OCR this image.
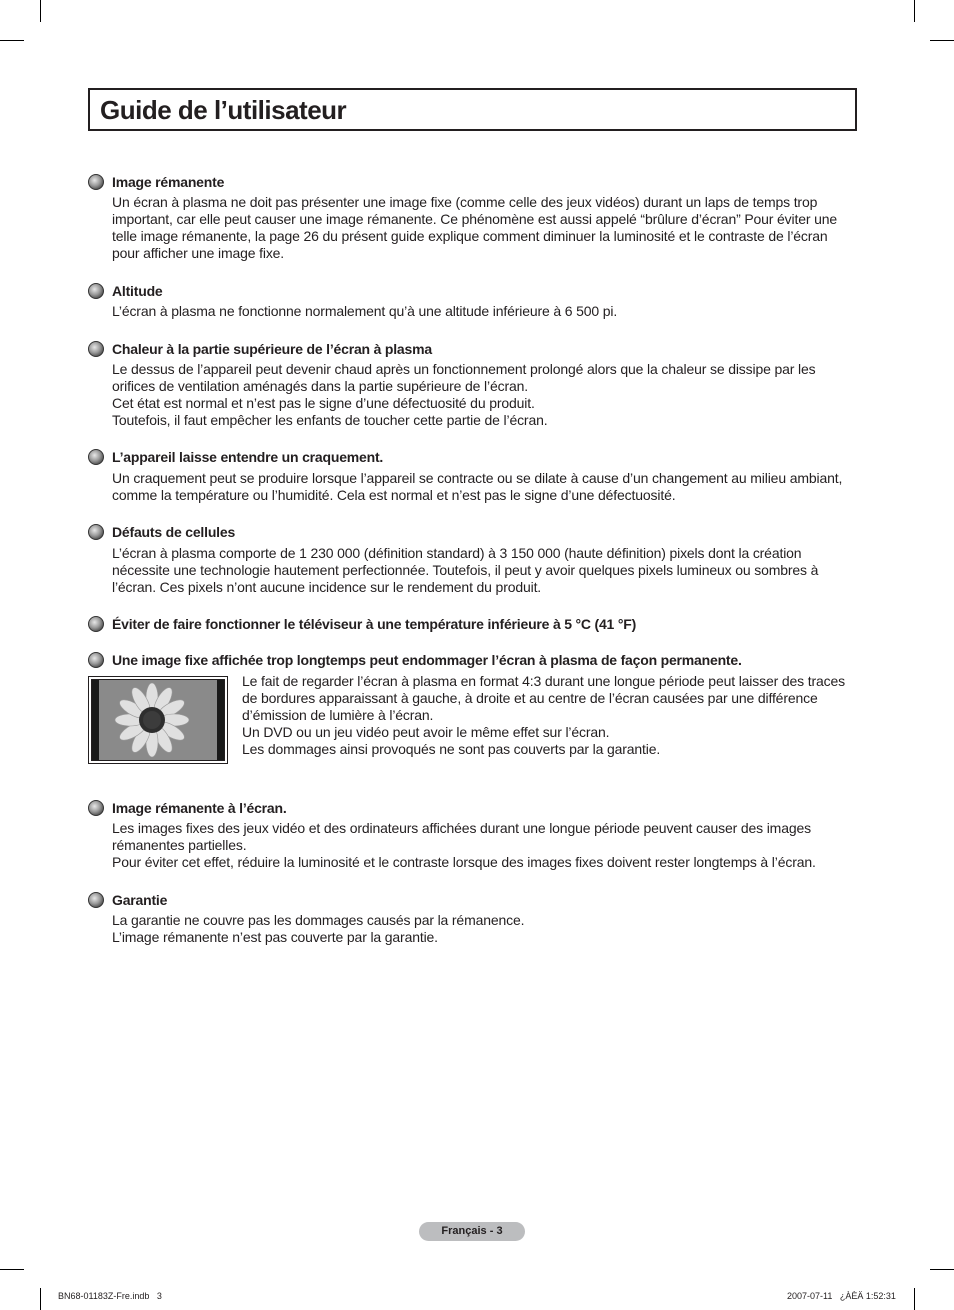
Guide de l’utilisateur
Image rémanente
Un écran à plasma ne doit pas présenter une image fixe (comme celle des jeux vidéos) durant un laps de temps trop
important, car elle peut causer une image rémanente. Ce phénomène est aussi appelé “brûlure d’écran” Pour éviter une
telle image rémanente, la page 26 du présent guide explique comment diminuer la luminosité et le contraste de l’écran
pour afficher une image fixe.
Altitude
L’écran à plasma ne fonctionne normalement qu’à une altitude inférieure à 6 500 pi.
Chaleur à la partie supérieure de l’écran à plasma
Le dessus de l’appareil peut devenir chaud après un fonctionnement prolongé alors que la chaleur se dissipe par les
orifices de ventilation aménagés dans la partie supérieure de l’écran.
Cet état est normal et n’est pas le signe d’une défectuosité du produit.
Toutefois, il faut empêcher les enfants de toucher cette partie de l’écran.
L’appareil laisse entendre un craquement.
Un craquement peut se produire lorsque l’appareil se contracte ou se dilate à cause d’un changement au milieu ambiant,
comme la température ou l’humidité. Cela est normal et n’est pas le signe d’une défectuosité.
Défauts de cellules
L’écran à plasma comporte de 1 230 000 (définition standard) à 3 150 000 (haute définition) pixels dont la création
nécessite une technologie hautement perfectionnée. Toutefois, il peut y avoir quelques pixels lumineux ou sombres à
l’écran. Ces pixels n’ont aucune incidence sur le rendement du produit.
Éviter de faire fonctionner le téléviseur à une température inférieure à 5 °C (41 °F)
Une image fixe affichée trop longtemps peut endommager l’écran à plasma de façon permanente.
Le fait de regarder l’écran à plasma en format 4:3 durant une longue période peut laisser des traces
de bordures apparaissant à gauche, à droite et au centre de l’écran causées par une différence
d’émission de lumière à l’écran.
Un DVD ou un jeu vidéo peut avoir le même effet sur l’écran.
Les dommages ainsi provoqués ne sont pas couverts par la garantie.
Image rémanente à l’écran.
Les images fixes des jeux vidéo et des ordinateurs affichées durant une longue période peuvent causer des images
rémanentes partielles.
Pour éviter cet effet, réduire la luminosité et le contraste lorsque des images fixes doivent rester longtemps à l’écran.
Garantie
La garantie ne couvre pas les dommages causés par la rémanence.
L’image rémanente n’est pas couverte par la garantie.
Français - 3
BN68-01183Z-Fre.indb   3	2007-07-11   ¿ÀÈÄ 1:52:31
